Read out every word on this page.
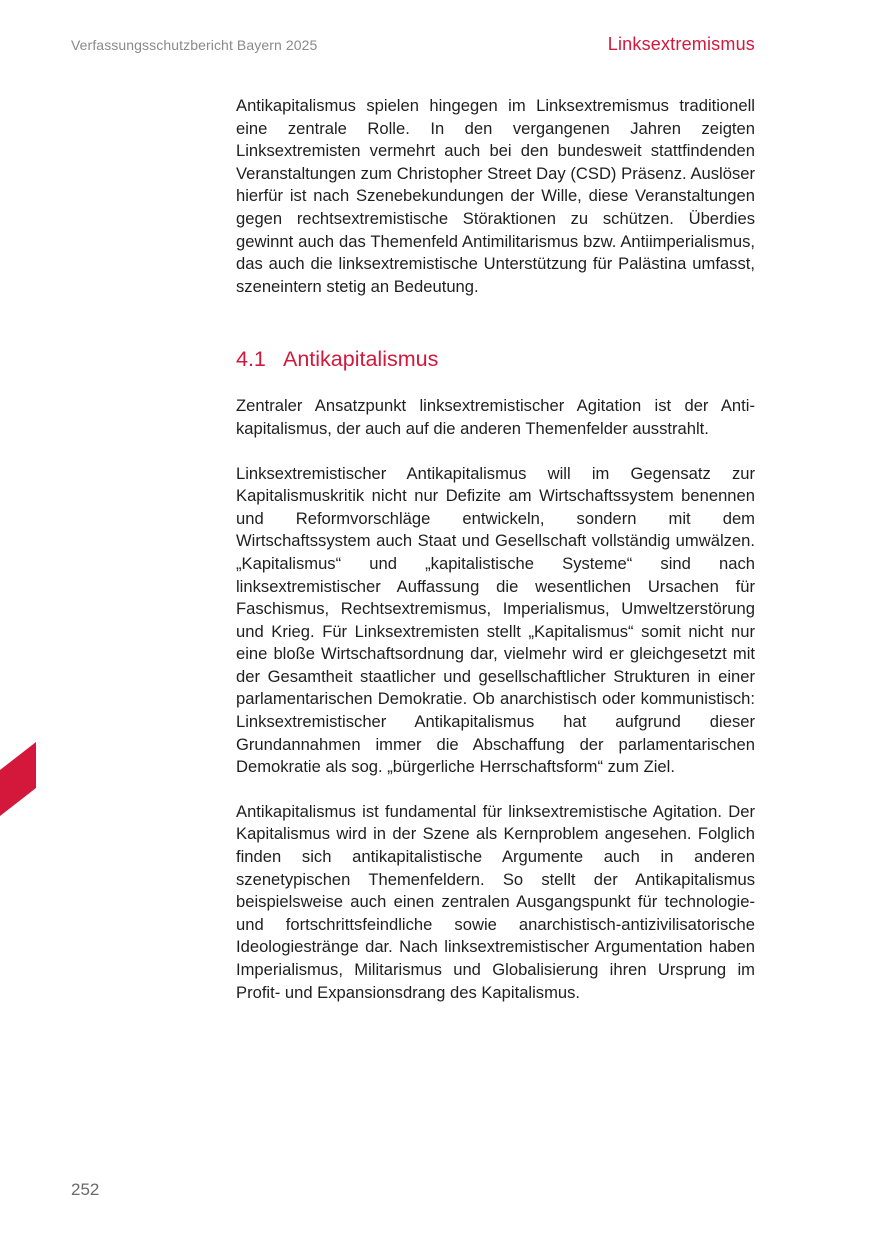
Verfassungsschutzbericht Bayern 2025	Linksextremismus

Antikapitalismus spielen hingegen im Linksextremismus traditionell eine zentrale Rolle. In den vergangenen Jahren zeigten Linksextremisten vermehrt auch bei den bundesweit stattfindenden Veranstaltungen zum Christopher Street Day (CSD) Präsenz. Auslöser hierfür ist nach Szenebekundungen der Wille, diese Veranstaltungen gegen rechtsextremistische Störaktionen zu schützen. Überdies gewinnt auch das Themenfeld Antimilitarismus bzw. Antiimperialismus, das auch die linksextremistische Unterstützung für Palästina umfasst, szeneintern stetig an Bedeutung.

4.1 Antikapitalismus

Zentraler Ansatzpunkt linksextremistischer Agitation ist der Antikapitalismus, der auch auf die anderen Themenfelder ausstrahlt.

Linksextremistischer Antikapitalismus will im Gegensatz zur Kapitalismuskritik nicht nur Defizite am Wirtschaftssystem benennen und Reformvorschläge entwickeln, sondern mit dem Wirtschaftssystem auch Staat und Gesellschaft vollständig umwälzen. „Kapitalismus“ und „kapitalistische Systeme“ sind nach linksextremistischer Auffassung die wesentlichen Ursachen für Faschismus, Rechtsextremismus, Imperialismus, Umweltzerstörung und Krieg. Für Linksextremisten stellt „Kapitalismus“ somit nicht nur eine bloße Wirtschaftsordnung dar, vielmehr wird er gleichgesetzt mit der Gesamtheit staatlicher und gesellschaftlicher Strukturen in einer parlamentarischen Demokratie. Ob anarchistisch oder kommunistisch: Linksextremistischer Antikapitalismus hat aufgrund dieser Grundannahmen immer die Abschaffung der parlamentarischen Demokratie als sog. „bürgerliche Herrschaftsform“ zum Ziel.

Antikapitalismus ist fundamental für linksextremistische Agitation. Der Kapitalismus wird in der Szene als Kernproblem angesehen. Folglich finden sich antikapitalistische Argumente auch in anderen szenetypischen Themenfeldern. So stellt der Antikapitalismus beispielsweise auch einen zentralen Ausgangspunkt für technologie- und fortschrittsfeindliche sowie anarchistisch-antizivilisatorische Ideologiestränge dar. Nach linksextremistischer Argumentation haben Imperialismus, Militarismus und Globalisierung ihren Ursprung im Profit- und Expansionsdrang des Kapitalismus.

252
